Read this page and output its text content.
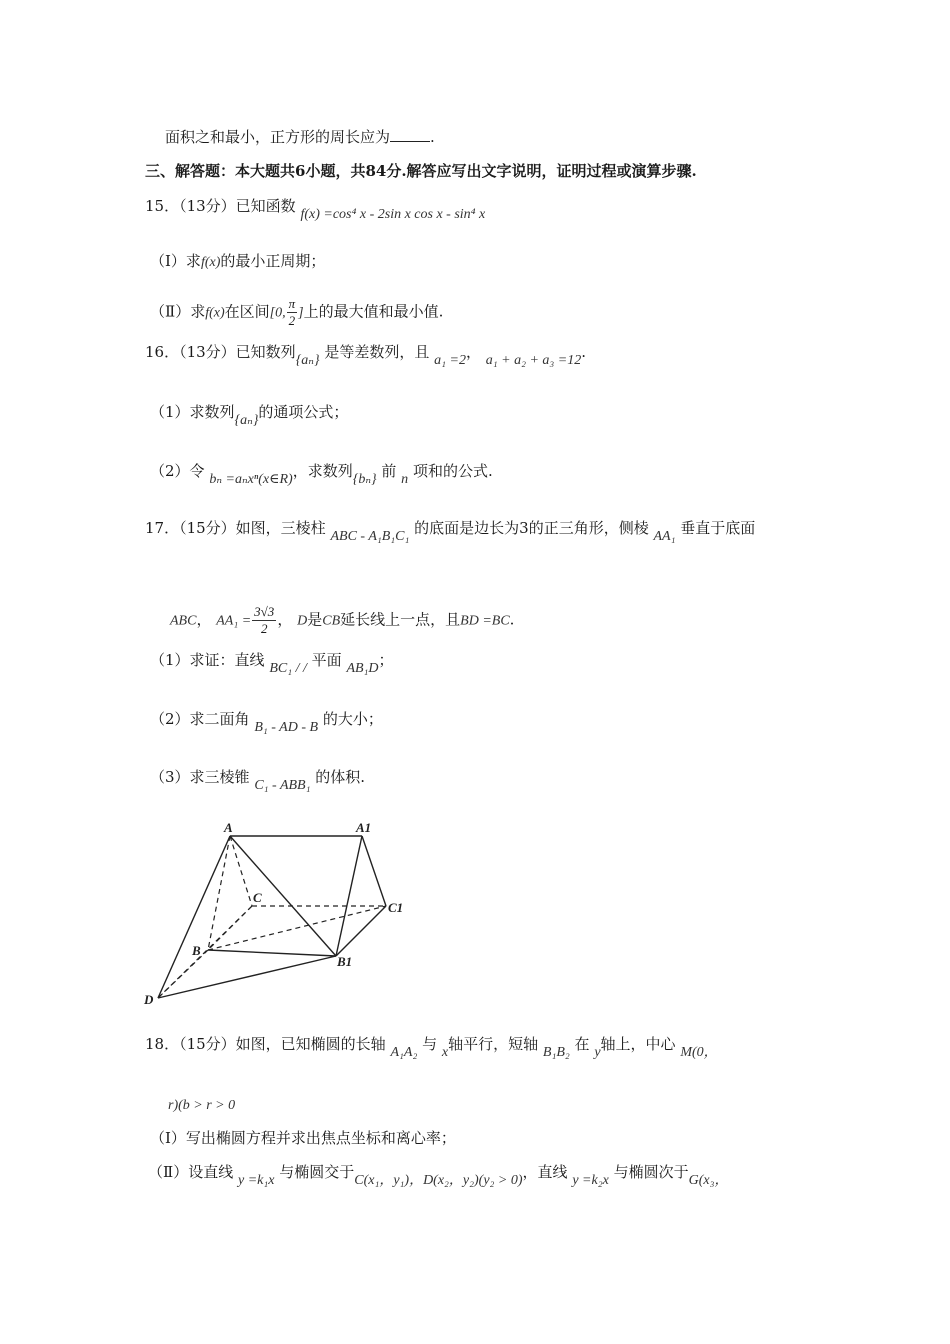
面积之和最小，正方形的周长应为	.
三、解答题：本大题共6小题，共84分.解答应写出文字说明，证明过程或演算步骤.
15．（13分）已知函数 f(x) =cos⁴ x - 2sin x cos x - sin⁴ x
（Ⅰ）求f(x)的最小正周期；
（Ⅱ）求f(x)在区间[0, $\frac{\pi}{2}$ ]上的最大值和最小值.
16．（13分）已知数列{aₙ} 是等差数列，且 a₁ =2， a₁ + a₂ + a₃ =12.
（1）求数列{aₙ}的通项公式；
（2）令 bₙ =aₙxⁿ(x∈R)，求数列{bₙ} 前 n 项和的公式.
17．（15分）如图，三棱柱 ABC - A₁B₁C₁ 的底面是边长为3的正三角形，侧棱 AA₁ 垂直于底面
ABC， $AA_1 = \frac{3√3}{2}$ ， D是CB延长线上一点，且BD =BC.
（1）求证：直线 BC₁ / / 平面 AB₁D；
（2）求二面角 B₁ - AD - B 的大小；
（3）求三棱锥 C₁ - ABB₁ 的体积.
A	A1
C
C1
B
B1
D
18．（15分）如图，已知椭圆的长轴 A₁A₂ 与 x轴平行，短轴 B₁B₂ 在 y轴上，中心 M(0，
r)(b > r > 0
（Ⅰ）写出椭圆方程并求出焦点坐标和离心率；
（Ⅱ）设直线 y =k₁x 与椭圆交于C(x₁，y₁)，D(x₂，y₂)(y₂ > 0)，直线 y =k₂x 与椭圆次于G(x₃，
